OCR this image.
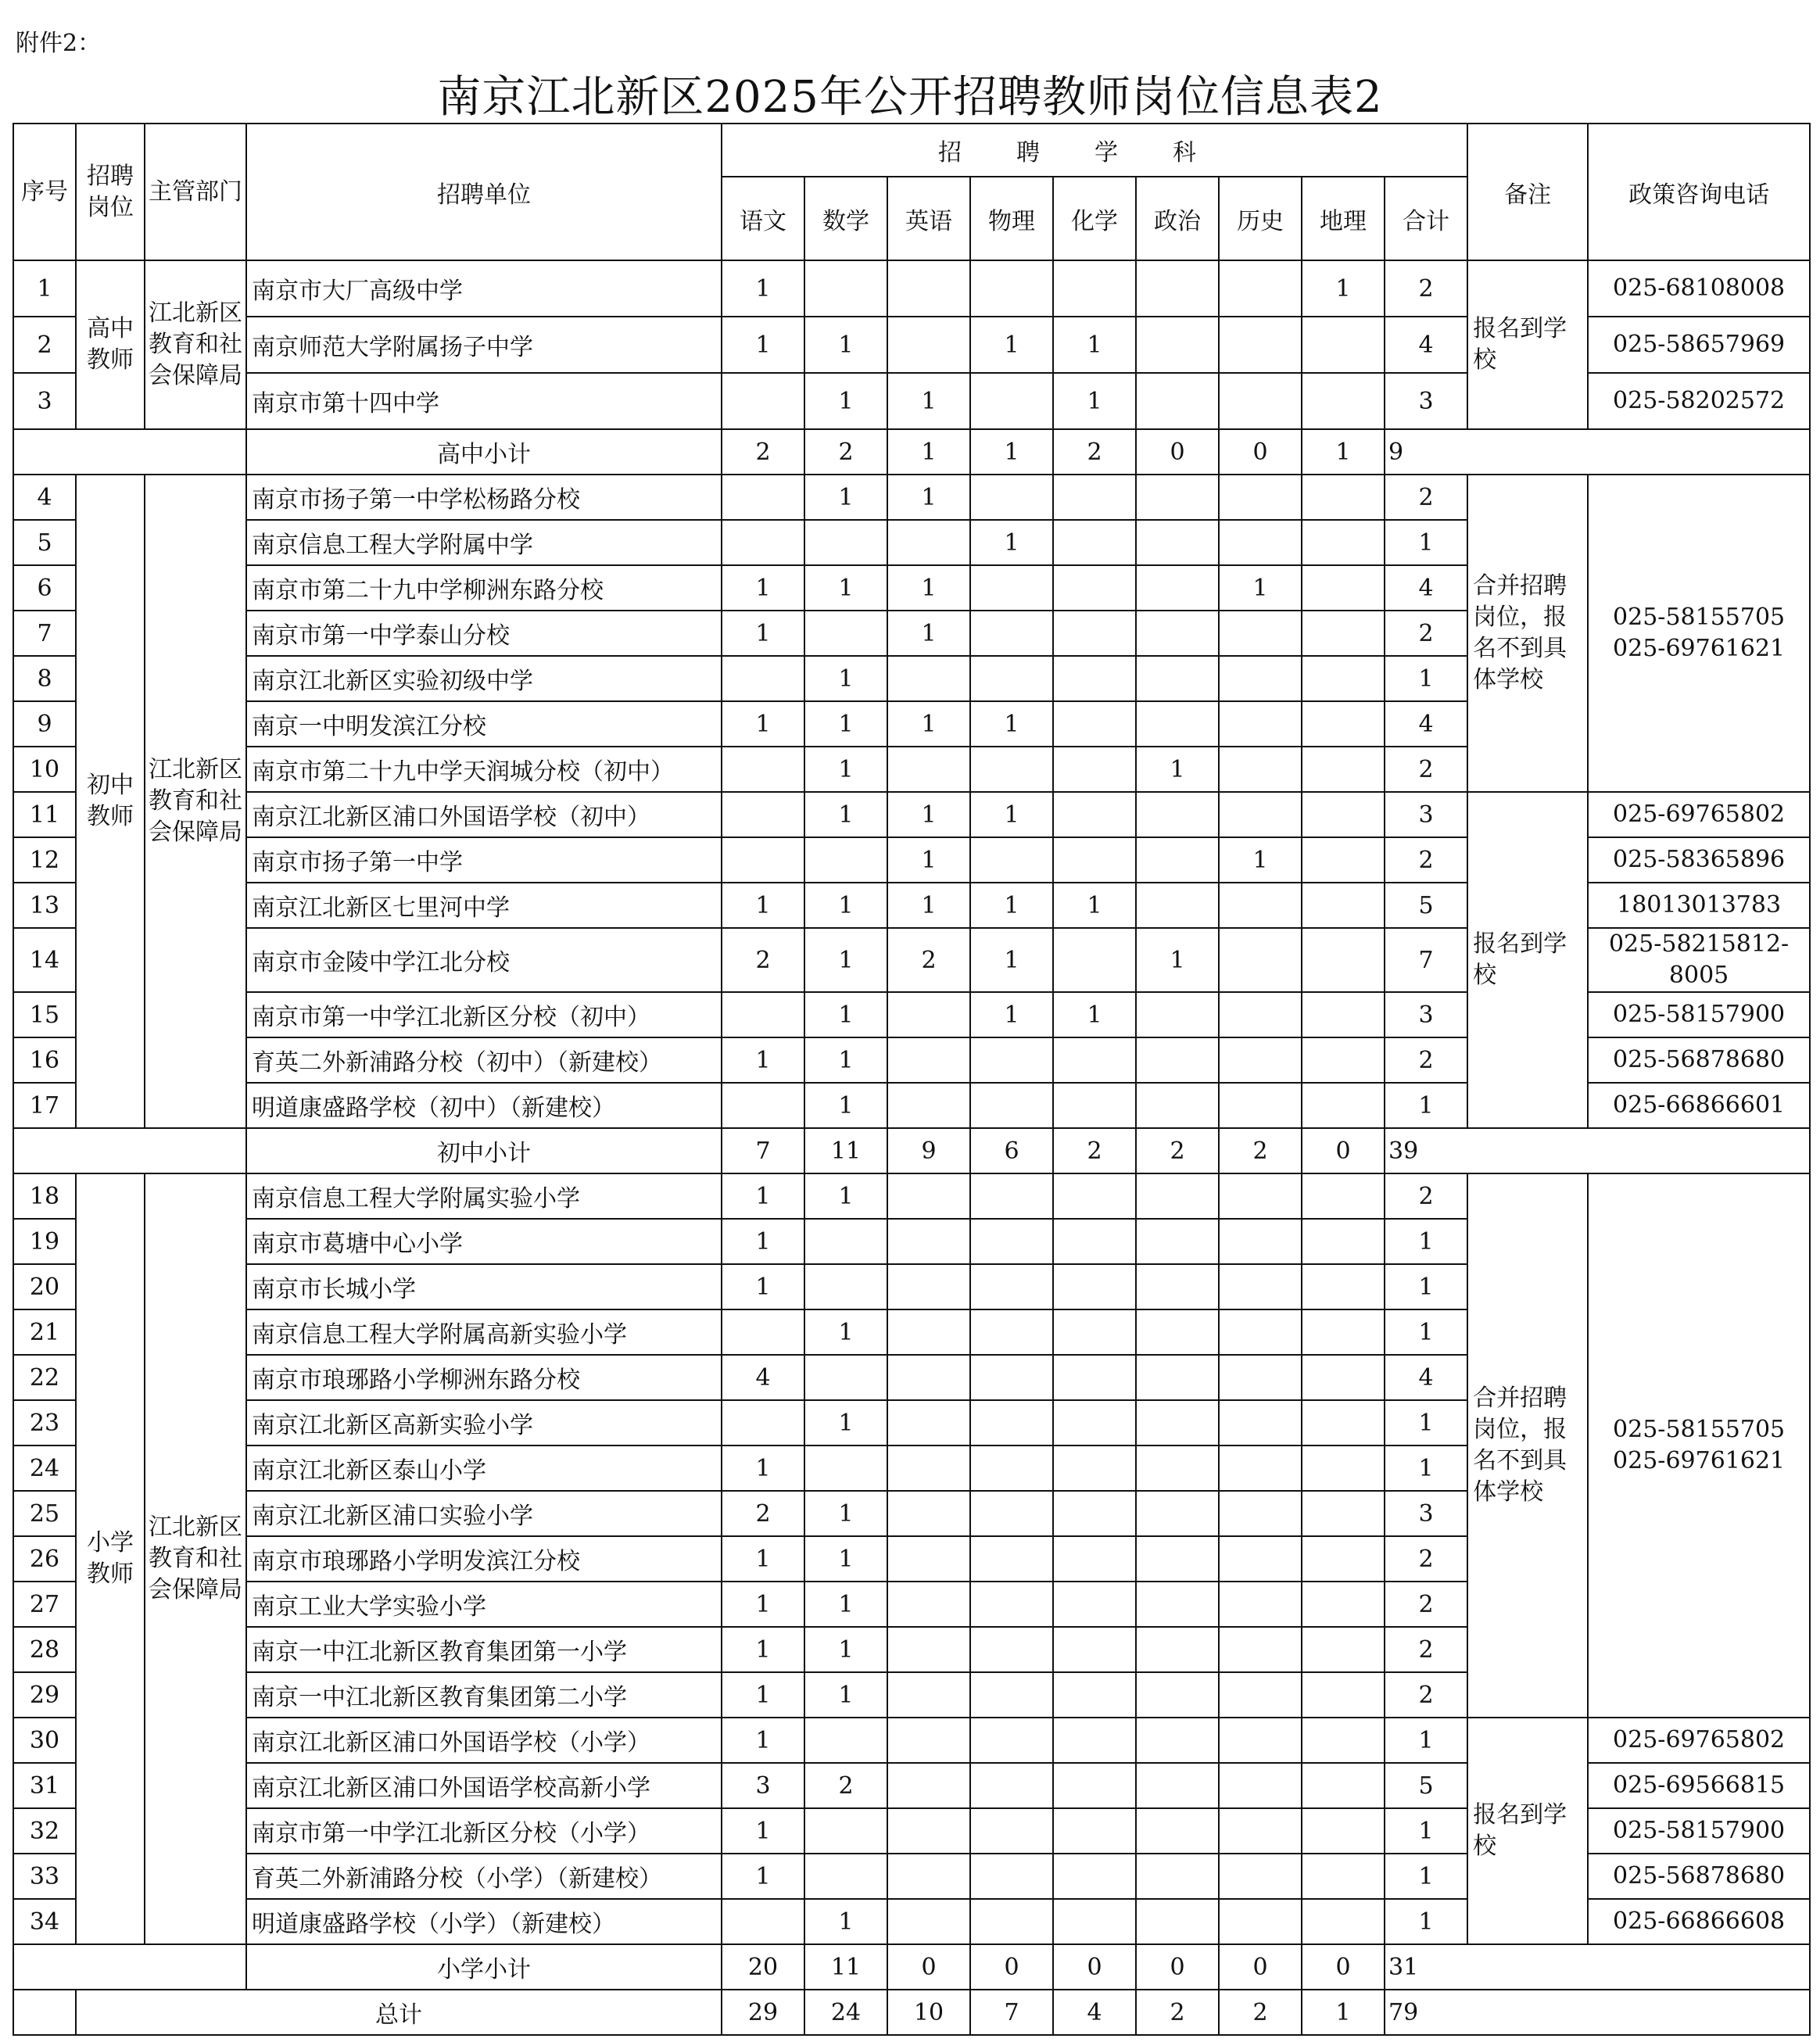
附件2：
南京江北新区2025年公开招聘教师岗位信息表2
序号	招聘岗位	主管部门	招聘单位	招聘学科									备注	政策咨询电话
				语文	数学	英语	物理	化学	政治	历史	地理	合计		
1	高中教师	江北新区教育和社会保障局	南京市大厂高级中学	1							1	2	报名到学校	025-68108008
2			南京师范大学附属扬子中学	1	1		1	1				4		025-58657969
3			南京市第十四中学		1	1		1				3		025-58202572
			高中小计	2	2	1	1	2	0	0	1	9		
4	初中教师	江北新区教育和社会保障局	南京市扬子第一中学松杨路分校		1	1						2	合并招聘岗位，报名不到具体学校	025-58155705
025-69761621

5			南京信息工程大学附属中学				1					1		
6			南京市第二十九中学柳洲东路分校	1	1	1				1		4		
7			南京市第一中学泰山分校	1		1						2		
8			南京江北新区实验初级中学		1							1		
9			南京一中明发滨江分校	1	1	1	1					4		
10			南京市第二十九中学天润城分校（初中）		1				1			2		
11			南京江北新区浦口外国语学校（初中）		1	1	1					3	报名到学校	025-69765802
12			南京市扬子第一中学			1				1		2		025-58365896
13			南京江北新区七里河中学	1	1	1	1	1				5		18013013783
14			南京市金陵中学江北分校	2	1	2	1		1			7		025-58215812-8005
15			南京市第一中学江北新区分校（初中）		1		1	1				3		025-58157900
16			育英二外新浦路分校（初中）（新建校）	1	1							2		025-56878680
17			明道康盛路学校（初中）（新建校）		1							1		025-66866601
			初中小计	7	11	9	6	2	2	2	0	39		
18	小学教师	江北新区教育和社会保障局	南京信息工程大学附属实验小学	1	1							2	合并招聘岗位，报名不到具体学校	025-58155705
025-69761621

19			南京市葛塘中心小学	1								1		
20			南京市长城小学	1								1		
21			南京信息工程大学附属高新实验小学		1							1		
22			南京市琅琊路小学柳洲东路分校	4								4		
23			南京江北新区高新实验小学		1							1		
24			南京江北新区泰山小学	1								1		
25			南京江北新区浦口实验小学	2	1							3		
26			南京市琅琊路小学明发滨江分校	1	1							2		
27			南京工业大学实验小学	1	1							2		
28			南京一中江北新区教育集团第一小学	1	1							2		
29			南京一中江北新区教育集团第二小学	1	1							2		
30			南京江北新区浦口外国语学校（小学）	1								1	报名到学校	025-69765802
31			南京江北新区浦口外国语学校高新小学	3	2							5		025-69566815
32			南京市第一中学江北新区分校（小学）	1								1		025-58157900
33			育英二外新浦路分校（小学）（新建校）	1								1		025-56878680
34			明道康盛路学校（小学）（新建校）		1							1		025-66866608
			小学小计	20	11	0	0	0	0	0	0	31		
	总计			29	24	10	7	4	2	2	1	79		
